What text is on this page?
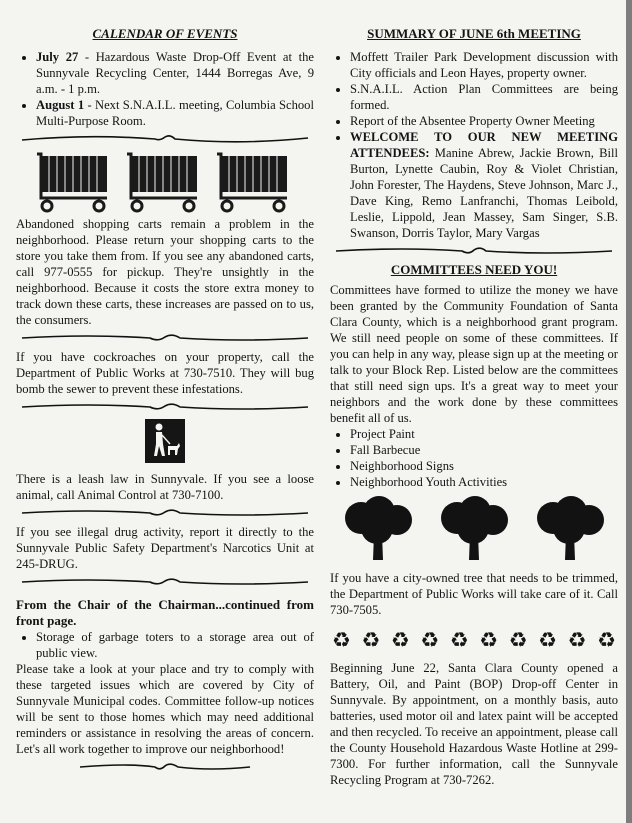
CALENDAR OF EVENTS
• July 27 - Hazardous Waste Drop-Off Event at the Sunnyvale Recycling Center, 1444 Borregas Ave, 9 a.m. - 1 p.m.
• August 1 - Next S.N.A.I.L. meeting, Columbia School Multi-Purpose Room.

Abandoned shopping carts remain a problem in the neighborhood. Please return your shopping carts to the store you take them from. If you see any abandoned carts, call 977-0555 for pickup. They're unsightly in the neighborhood. Because it costs the store extra money to track down these carts, these increases are passed on to us, the consumers.

If you have cockroaches on your property, call the Department of Public Works at 730-7510. They will bug bomb the sewer to prevent these infestations.

There is a leash law in Sunnyvale. If you see a loose animal, call Animal Control at 730-7100.

If you see illegal drug activity, report it directly to the Sunnyvale Public Safety Department's Narcotics Unit at 245-DRUG.

From the Chair of the Chairman...continued from front page.
• Storage of garbage toters to a storage area out of public view.

Please take a look at your place and try to comply with these targeted issues which are covered by City of Sunnyvale Municipal codes. Committee follow-up notices will be sent to those homes which may need additional reminders or assistance in resolving the areas of concern. Let's all work together to improve our neighborhood!

SUMMARY OF JUNE 6th MEETING
• Moffett Trailer Park Development discussion with City officials and Leon Hayes, property owner.
• S.N.A.I.L. Action Plan Committees are being formed.
• Report of the Absentee Property Owner Meeting
• WELCOME TO OUR NEW MEETING ATTENDEES: Manine Abrew, Jackie Brown, Bill Burton, Lynette Caubin, Roy & Violet Christian, John Forester, The Haydens, Steve Johnson, Marc J., Dave King, Remo Lanfranchi, Thomas Leibold, Leslie, Lippold, Jean Massey, Sam Singer, S.B. Swanson, Dorris Taylor, Mary Vargas
COMMITTEES NEED YOU!

Committees have formed to utilize the money we have been granted by the Community Foundation of Santa Clara County, which is a neighborhood grant program. We still need people on some of these committees. If you can help in any way, please sign up at the meeting or talk to your Block Rep. Listed below are the committees that still need sign ups. It's a great way to meet your neighbors and the work done by these committees benefit all of us.

• Project Paint
• Fall Barbecue
• Neighborhood Signs
• Neighborhood Youth Activities

If you have a city-owned tree that needs to be trimmed, the Department of Public Works will take care of it. Call 730-7505.

♻ ♻ ♻ ♻ ♻ ♻ ♻ ♻ ♻ ♻

Beginning June 22, Santa Clara County opened a Battery, Oil, and Paint (BOP) Drop-off Center in Sunnyvale. By appointment, on a monthly basis, auto batteries, used motor oil and latex paint will be accepted and then recycled. To receive an appointment, please call the County Household Hazardous Waste Hotline at 299-7300. For further information, call the Sunnyvale Recycling Program at 730-7262.
